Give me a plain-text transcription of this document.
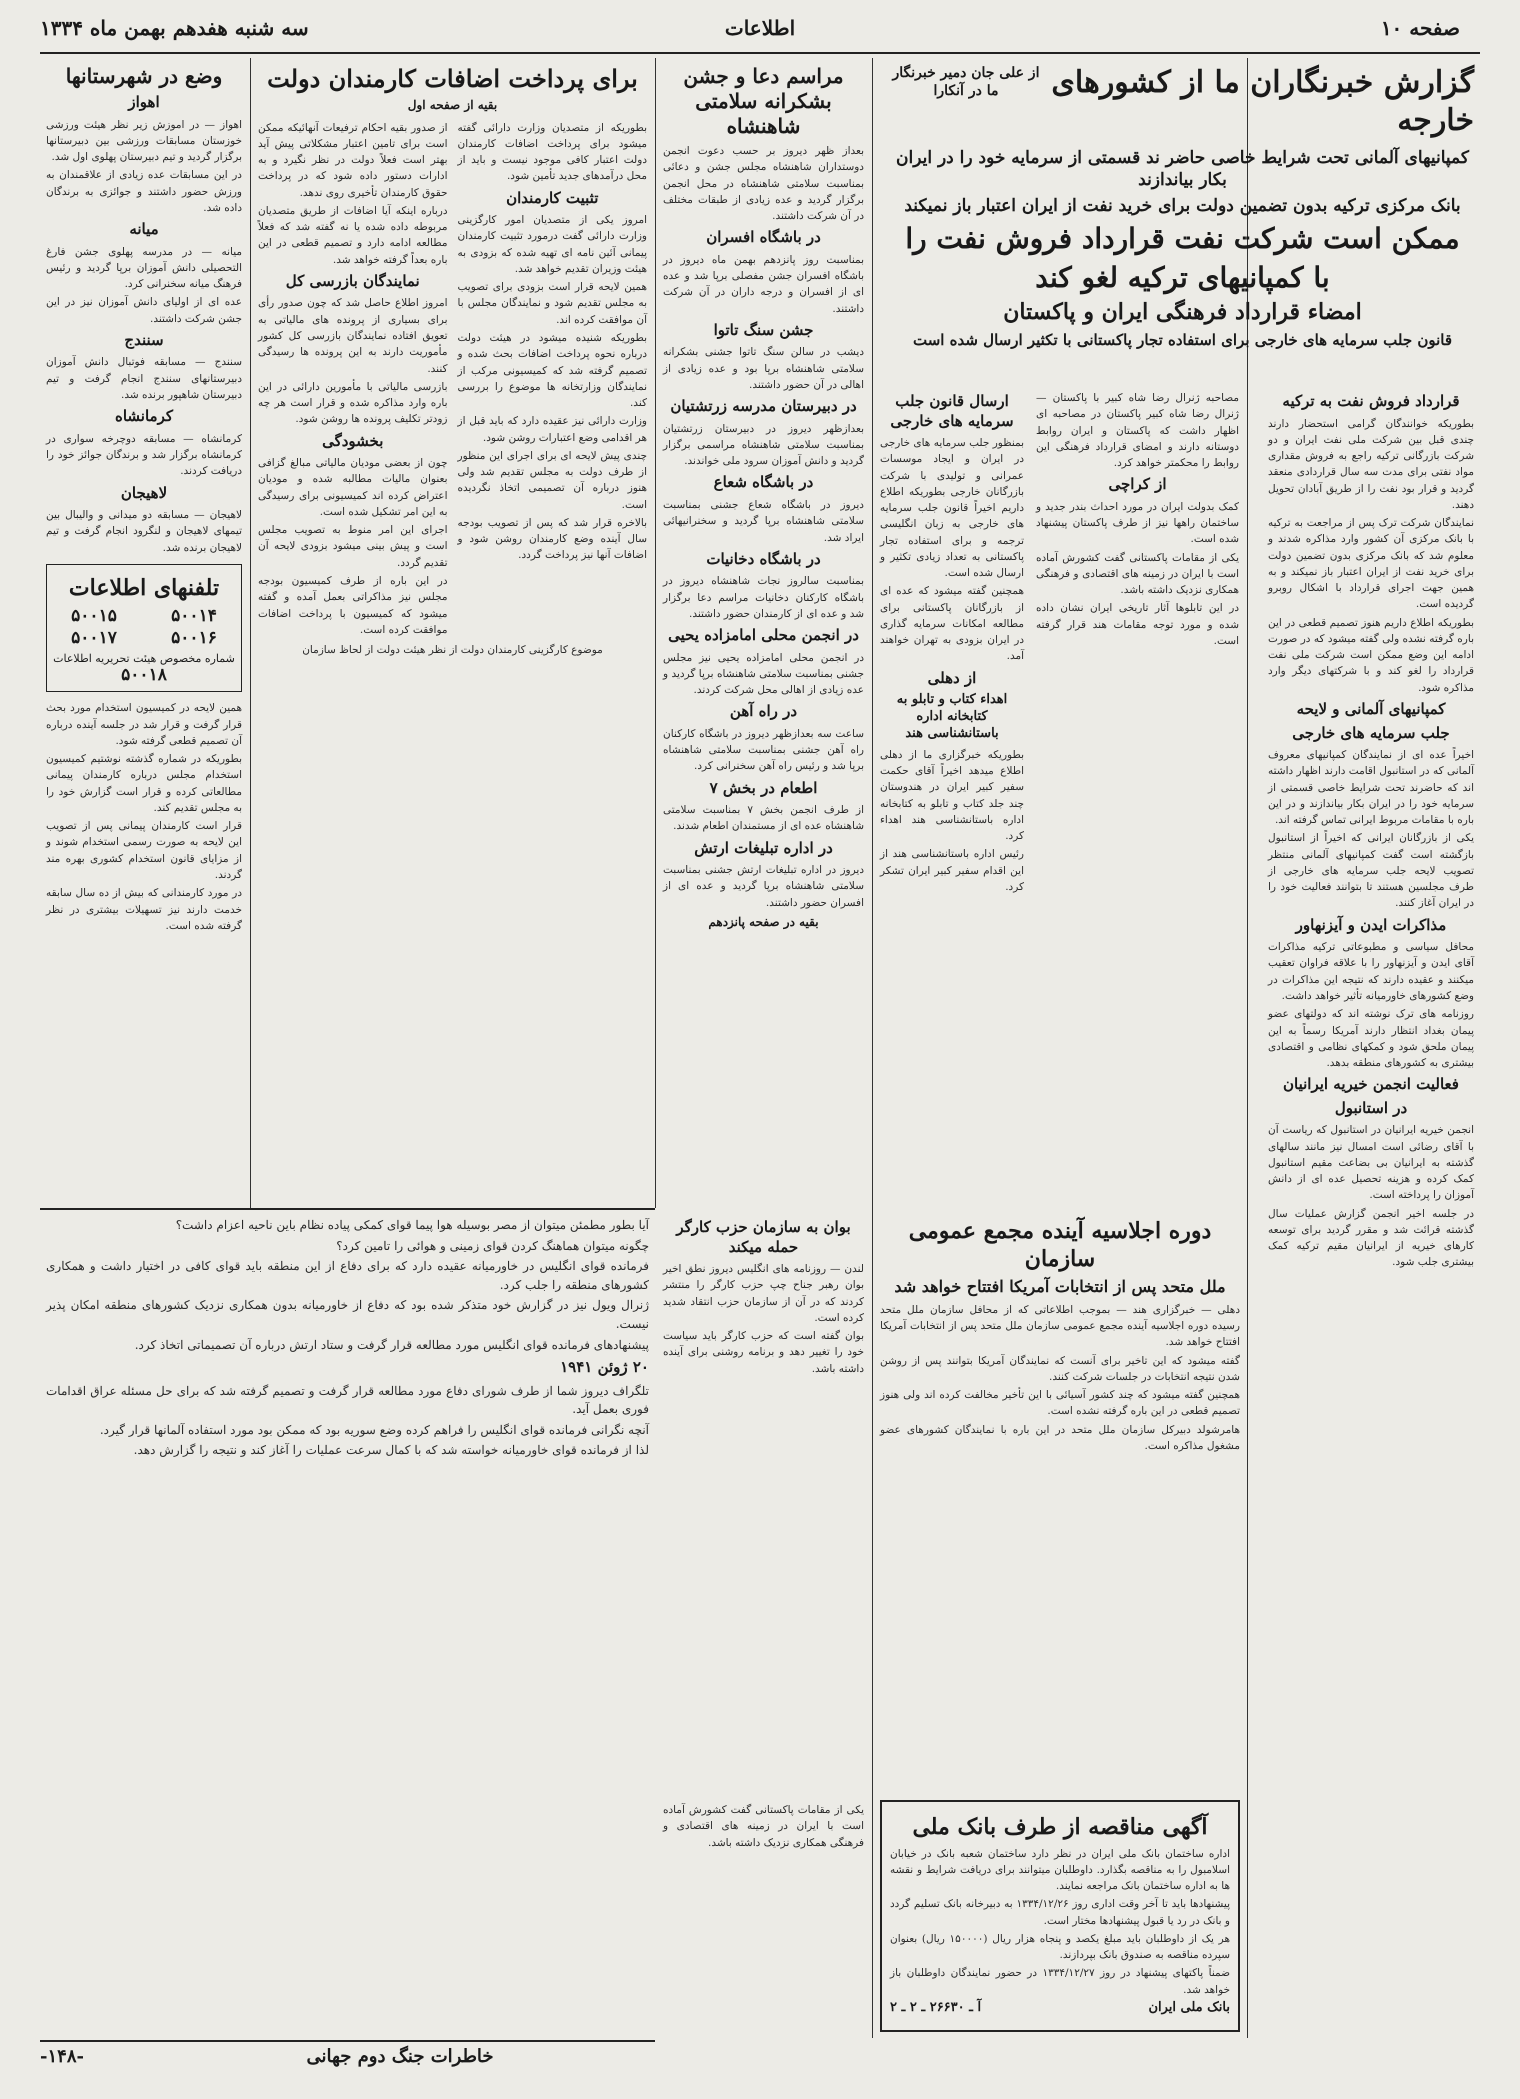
صفحه ۱۰
اطلاعات
سه شنبه هفدهم بهمن ماه ۱۳۳۴
گزارش خبرنگاران ما از کشورهای خارجه
از علی جان دمیر خبرنگار ما در آنکارا
کمپانیهای آلمانی تحت شرایط خاصی حاضر ند قسمتی از سرمایه خود را در ایران بکار بیاندازند
بانک مرکزی ترکیه بدون تضمین دولت برای خرید نفت از ایران اعتبار باز نمیکند
ممکن است شرکت نفت قرارداد فروش نفت را
با کمپانیهای ترکیه لغو کند
امضاء قرارداد فرهنگی ایران و پاکستان
قانون جلب سرمایه های خارجی برای استفاده تجار پاکستانی با تکثیر ارسال شده است
قرارداد فروش نفت به ترکیه

بطوریکه خوانندگان گرامی استحضار دارند چندی قبل بین شرکت ملی نفت ایران و دو شرکت بازرگانی ترکیه راجع به فروش مقداری مواد نفتی برای مدت سه سال قراردادی منعقد گردید و قرار بود نفت را از طریق آبادان تحویل دهند.

نمایندگان شرکت ترک پس از مراجعت به ترکیه با بانک مرکزی آن کشور وارد مذاکره شدند و معلوم شد که بانک مرکزی بدون تضمین دولت برای خرید نفت از ایران اعتبار باز نمیکند و به همین جهت اجرای قرارداد با اشکال روبرو گردیده است.

بطوریکه اطلاع داریم هنوز تصمیم قطعی در این باره گرفته نشده ولی گفته میشود که در صورت ادامه این وضع ممکن است شرکت ملی نفت قرارداد را لغو کند و با شرکتهای دیگر وارد مذاکره شود.

کمپانیهای آلمانی و لایحه
جلب سرمایه های خارجی

اخیراً عده ای از نمایندگان کمپانیهای معروف آلمانی که در استانبول اقامت دارند اظهار داشته اند که حاضرند تحت شرایط خاصی قسمتی از سرمایه خود را در ایران بکار بیاندازند و در این باره با مقامات مربوط ایرانی تماس گرفته اند.

یکی از بازرگانان ایرانی که اخیراً از استانبول بازگشته است گفت کمپانیهای آلمانی منتظر تصویب لایحه جلب سرمایه های خارجی از طرف مجلسین هستند تا بتوانند فعالیت خود را در ایران آغاز کنند.

مذاکرات ایدن و آیزنهاور

محافل سیاسی و مطبوعاتی ترکیه مذاکرات آقای ایدن و آیزنهاور را با علاقه فراوان تعقیب میکنند و عقیده دارند که نتیجه این مذاکرات در وضع کشورهای خاورمیانه تأثیر خواهد داشت.

روزنامه های ترک نوشته اند که دولتهای عضو پیمان بغداد انتظار دارند آمریکا رسماً به این پیمان ملحق شود و کمکهای نظامی و اقتصادی بیشتری به کشورهای منطقه بدهد.

فعالیت انجمن خیریه ایرانیان
در استانبول

انجمن خیریه ایرانیان در استانبول که ریاست آن با آقای رضائی است امسال نیز مانند سالهای گذشته به ایرانیان بی بضاعت مقیم استانبول کمک کرده و هزینه تحصیل عده ای از دانش آموزان را پرداخته است.

در جلسه اخیر انجمن گزارش عملیات سال گذشته قرائت شد و مقرر گردید برای توسعه کارهای خیریه از ایرانیان مقیم ترکیه کمک بیشتری جلب شود.

مصاحبه ژنرال رضا شاه کبیر با پاکستان — ژنرال رضا شاه کبیر پاکستان در مصاحبه ای اظهار داشت که پاکستان و ایران روابط دوستانه دارند و امضای قرارداد فرهنگی این روابط را محکمتر خواهد کرد.

از کراچی

کمک بدولت ایران در مورد احداث بندر جدید و ساختمان راهها نیز از طرف پاکستان پیشنهاد شده است.

یکی از مقامات پاکستانی گفت کشورش آماده است با ایران در زمینه های اقتصادی و فرهنگی همکاری نزدیک داشته باشد.

در این تابلوها آثار تاریخی ایران نشان داده شده و مورد توجه مقامات هند قرار گرفته است.

ارسال قانون جلب سرمایه های خارجی

بمنظور جلب سرمایه های خارجی در ایران و ایجاد موسسات عمرانی و تولیدی با شرکت بازرگانان خارجی بطوریکه اطلاع داریم اخیراً قانون جلب سرمایه های خارجی به زبان انگلیسی ترجمه و برای استفاده تجار پاکستانی به تعداد زیادی تکثیر و ارسال شده است.

همچنین گفته میشود که عده ای از بازرگانان پاکستانی برای مطالعه امکانات سرمایه گذاری در ایران بزودی به تهران خواهند آمد.

از دهلی
اهداء کتاب و تابلو به کتابخانه اداره باستانشناسی هند

بطوریکه خبرگزاری ما از دهلی اطلاع میدهد اخیراً آقای حکمت سفیر کبیر ایران در هندوستان چند جلد کتاب و تابلو به کتابخانه اداره باستانشناسی هند اهداء کرد.

رئیس اداره باستانشناسی هند از این اقدام سفیر کبیر ایران تشکر کرد.

مراسم دعا و جشن بشکرانه سلامتی شاهنشاه

بعداز ظهر دیروز بر حسب دعوت انجمن دوستداران شاهنشاه مجلس جشن و دعائی بمناسبت سلامتی شاهنشاه در محل انجمن برگزار گردید و عده زیادی از طبقات مختلف در آن شرکت داشتند.

در باشگاه افسران

بمناسبت روز پانزدهم بهمن ماه دیروز در باشگاه افسران جشن مفصلی برپا شد و عده ای از افسران و درجه داران در آن شرکت داشتند.

جشن سنگ تاتوا

دیشب در سالن سنگ تاتوا جشنی بشکرانه سلامتی شاهنشاه برپا بود و عده زیادی از اهالی در آن حضور داشتند.

در دبیرستان مدرسه زرتشتیان

بعدازظهر دیروز در دبیرستان زرتشتیان بمناسبت سلامتی شاهنشاه مراسمی برگزار گردید و دانش آموزان سرود ملی خواندند.

در باشگاه شعاع

دیروز در باشگاه شعاع جشنی بمناسبت سلامتی شاهنشاه برپا گردید و سخنرانیهائی ایراد شد.

در باشگاه دخانیات

بمناسبت سالروز نجات شاهنشاه دیروز در باشگاه کارکنان دخانیات مراسم دعا برگزار شد و عده ای از کارمندان حضور داشتند.

در انجمن محلی امامزاده یحیی

در انجمن محلی امامزاده یحیی نیز مجلس جشنی بمناسبت سلامتی شاهنشاه برپا گردید و عده زیادی از اهالی محل شرکت کردند.

در راه آهن

ساعت سه بعدازظهر دیروز در باشگاه کارکنان راه آهن جشنی بمناسبت سلامتی شاهنشاه برپا شد و رئیس راه آهن سخنرانی کرد.

اطعام در بخش ۷

از طرف انجمن بخش ۷ بمناسبت سلامتی شاهنشاه عده ای از مستمندان اطعام شدند.

در اداره تبلیغات ارتش

دیروز در اداره تبلیغات ارتش جشنی بمناسبت سلامتی شاهنشاه برپا گردید و عده ای از افسران حضور داشتند.

بقیه در صفحه پانزدهم
برای پرداخت اضافات کارمندان دولت
بقیه از صفحه اول

بطوریکه از متصدیان وزارت دارائی گفته میشود برای پرداخت اضافات کارمندان دولت اعتبار کافی موجود نیست و باید از محل درآمدهای جدید تأمین شود.

تثبیت کارمندان

امروز یکی از متصدیان امور کارگزینی وزارت دارائی گفت درمورد تثبیت کارمندان پیمانی آئین نامه ای تهیه شده که بزودی به هیئت وزیران تقدیم خواهد شد.

همین لایحه قرار است بزودی برای تصویب به مجلس تقدیم شود و نمایندگان مجلس با آن موافقت کرده اند.

بطوریکه شنیده میشود در هیئت دولت درباره نحوه پرداخت اضافات بحث شده و تصمیم گرفته شد که کمیسیونی مرکب از نمایندگان وزارتخانه ها موضوع را بررسی کند.

وزارت دارائی نیز عقیده دارد که باید قبل از هر اقدامی وضع اعتبارات روشن شود.

چندی پیش لایحه ای برای اجرای این منظور از طرف دولت به مجلس تقدیم شد ولی هنوز درباره آن تصمیمی اتخاذ نگردیده است.

بالاخره قرار شد که پس از تصویب بودجه سال آینده وضع کارمندان روشن شود و اضافات آنها نیز پرداخت گردد.

از صدور بقیه احکام ترفیعات آنهائیکه ممکن است برای تامین اعتبار مشکلاتی پیش آید بهتر است فعلاً دولت در نظر نگیرد و به ادارات دستور داده شود که در پرداخت حقوق کارمندان تأخیری روی ندهد.

درباره اینکه آیا اضافات از طریق متصدیان مربوطه داده شده یا نه گفته شد که فعلاً مطالعه ادامه دارد و تصمیم قطعی در این باره بعداً گرفته خواهد شد.

نمایندگان بازرسی کل

امروز اطلاع حاصل شد که چون صدور رأی برای بسیاری از پرونده های مالیاتی به تعویق افتاده نمایندگان بازرسی کل کشور مأموریت دارند به این پرونده ها رسیدگی کنند.

بازرسی مالیاتی با مأمورین دارائی در این باره وارد مذاکره شده و قرار است هر چه زودتر تکلیف پرونده ها روشن شود.

بخشودگی

چون از بعضی مودیان مالیاتی مبالغ گزافی بعنوان مالیات مطالبه شده و مودیان اعتراض کرده اند کمیسیونی برای رسیدگی به این امر تشکیل شده است.

اجرای این امر منوط به تصویب مجلس است و پیش بینی میشود بزودی لایحه آن تقدیم گردد.

در این باره از طرف کمیسیون بودجه مجلس نیز مذاکراتی بعمل آمده و گفته میشود که کمیسیون با پرداخت اضافات موافقت کرده است.

موضوع کارگزینی کارمندان دولت از نظر هیئت دولت از لحاظ سازمان

وضع در شهرستانها
اهواز

اهواز — در اموزش زیر نظر هیئت ورزشی خوزستان مسابقات ورزشی بین دبیرستانها برگزار گردید و تیم دبیرستان پهلوی اول شد.

در این مسابقات عده زیادی از علاقمندان به ورزش حضور داشتند و جوائزی به برندگان داده شد.

میانه

میانه — در مدرسه پهلوی جشن فارغ التحصیلی دانش آموزان برپا گردید و رئیس فرهنگ میانه سخنرانی کرد.

عده ای از اولیای دانش آموزان نیز در این جشن شرکت داشتند.

سنندج

سنندج — مسابقه فوتبال دانش آموزان دبیرستانهای سنندج انجام گرفت و تیم دبیرستان شاهپور برنده شد.

کرمانشاه

کرمانشاه — مسابقه دوچرخه سواری در کرمانشاه برگزار شد و برندگان جوائز خود را دریافت کردند.

لاهیجان

لاهیجان — مسابقه دو میدانی و والیبال بین تیمهای لاهیجان و لنگرود انجام گرفت و تیم لاهیجان برنده شد.

تلفنهای اطلاعات
۵۰۰۱۴
۵۰۰۱۵
۵۰۰۱۶
۵۰۰۱۷
شماره مخصوص هیئت تحریریه اطلاعات
۵۰۰۱۸

همین لایحه در کمیسیون استخدام مورد بحث قرار گرفت و قرار شد در جلسه آینده درباره آن تصمیم قطعی گرفته شود.

بطوریکه در شماره گذشته نوشتیم کمیسیون استخدام مجلس درباره کارمندان پیمانی مطالعاتی کرده و قرار است گزارش خود را به مجلس تقدیم کند.

قرار است کارمندان پیمانی پس از تصویب این لایحه به صورت رسمی استخدام شوند و از مزایای قانون استخدام کشوری بهره مند گردند.

در مورد کارمندانی که بیش از ده سال سابقه خدمت دارند نیز تسهیلات بیشتری در نظر گرفته شده است.

آیا بطور مطمئن میتوان از مصر بوسیله هوا پیما قوای کمکی پیاده نظام باین ناحیه اعزام داشت؟

چگونه میتوان هماهنگ کردن قوای زمینی و هوائی را تامین کرد؟

فرمانده قوای انگلیس در خاورمیانه عقیده دارد که برای دفاع از این منطقه باید قوای کافی در اختیار داشت و همکاری کشورهای منطقه را جلب کرد.

ژنرال ویول نیز در گزارش خود متذکر شده بود که دفاع از خاورمیانه بدون همکاری نزدیک کشورهای منطقه امکان پذیر نیست.

پیشنهادهای فرمانده قوای انگلیس مورد مطالعه قرار گرفت و ستاد ارتش درباره آن تصمیماتی اتخاذ کرد.

۲۰ ژوئن ۱۹۴۱

تلگراف دیروز شما از طرف شورای دفاع مورد مطالعه قرار گرفت و تصمیم گرفته شد که برای حل مسئله عراق اقدامات فوری بعمل آید.

آنچه نگرانی فرمانده قوای انگلیس را فراهم کرده وضع سوریه بود که ممکن بود مورد استفاده آلمانها قرار گیرد.

لذا از فرمانده قوای خاورمیانه خواسته شد که با کمال سرعت عملیات را آغاز کند و نتیجه را گزارش دهد.

خاطرات جنگ دوم جهانی
-۱۴۸-
دوره اجلاسیه آینده مجمع عمومی سازمان
ملل متحد پس از انتخابات آمریکا افتتاح خواهد شد

دهلی — خبرگزاری هند — بموجب اطلاعاتی که از محافل سازمان ملل متحد رسیده دوره اجلاسیه آینده مجمع عمومی سازمان ملل متحد پس از انتخابات آمریکا افتتاح خواهد شد.

گفته میشود که این تاخیر برای آنست که نمایندگان آمریکا بتوانند پس از روشن شدن نتیجه انتخابات در جلسات شرکت کنند.

همچنین گفته میشود که چند کشور آسیائی با این تأخیر مخالفت کرده اند ولی هنوز تصمیم قطعی در این باره گرفته نشده است.

هامرشولد دبیرکل سازمان ملل متحد در این باره با نمایندگان کشورهای عضو مشغول مذاکره است.

بوان به سازمان حزب کارگر حمله میکند

لندن — روزنامه های انگلیس دیروز نطق اخیر بوان رهبر جناح چپ حزب کارگر را منتشر کردند که در آن از سازمان حزب انتقاد شدید کرده است.

بوان گفته است که حزب کارگر باید سیاست خود را تغییر دهد و برنامه روشنی برای آینده داشته باشد.

آگهی مناقصه از طرف بانک ملی

اداره ساختمان بانک ملی ایران در نظر دارد ساختمان شعبه بانک در خیابان اسلامبول را به مناقصه بگذارد. داوطلبان میتوانند برای دریافت شرایط و نقشه ها به اداره ساختمان بانک مراجعه نمایند.

پیشنهادها باید تا آخر وقت اداری روز ۱۳۳۴/۱۲/۲۶ به دبیرخانه بانک تسلیم گردد و بانک در رد یا قبول پیشنهادها مختار است.

هر یک از داوطلبان باید مبلغ یکصد و پنجاه هزار ریال (۱۵۰۰۰۰ ریال) بعنوان سپرده مناقصه به صندوق بانک بپردازند.

ضمناً پاکتهای پیشنهاد در روز ۱۳۳۴/۱۲/۲۷ در حضور نمایندگان داوطلبان باز خواهد شد.

بانک ملی ایران
آ ـ ۲۶۶۳۰ ـ ۲ ـ ۲

یکی از مقامات پاکستانی گفت کشورش آماده است با ایران در زمینه های اقتصادی و فرهنگی همکاری نزدیک داشته باشد.
